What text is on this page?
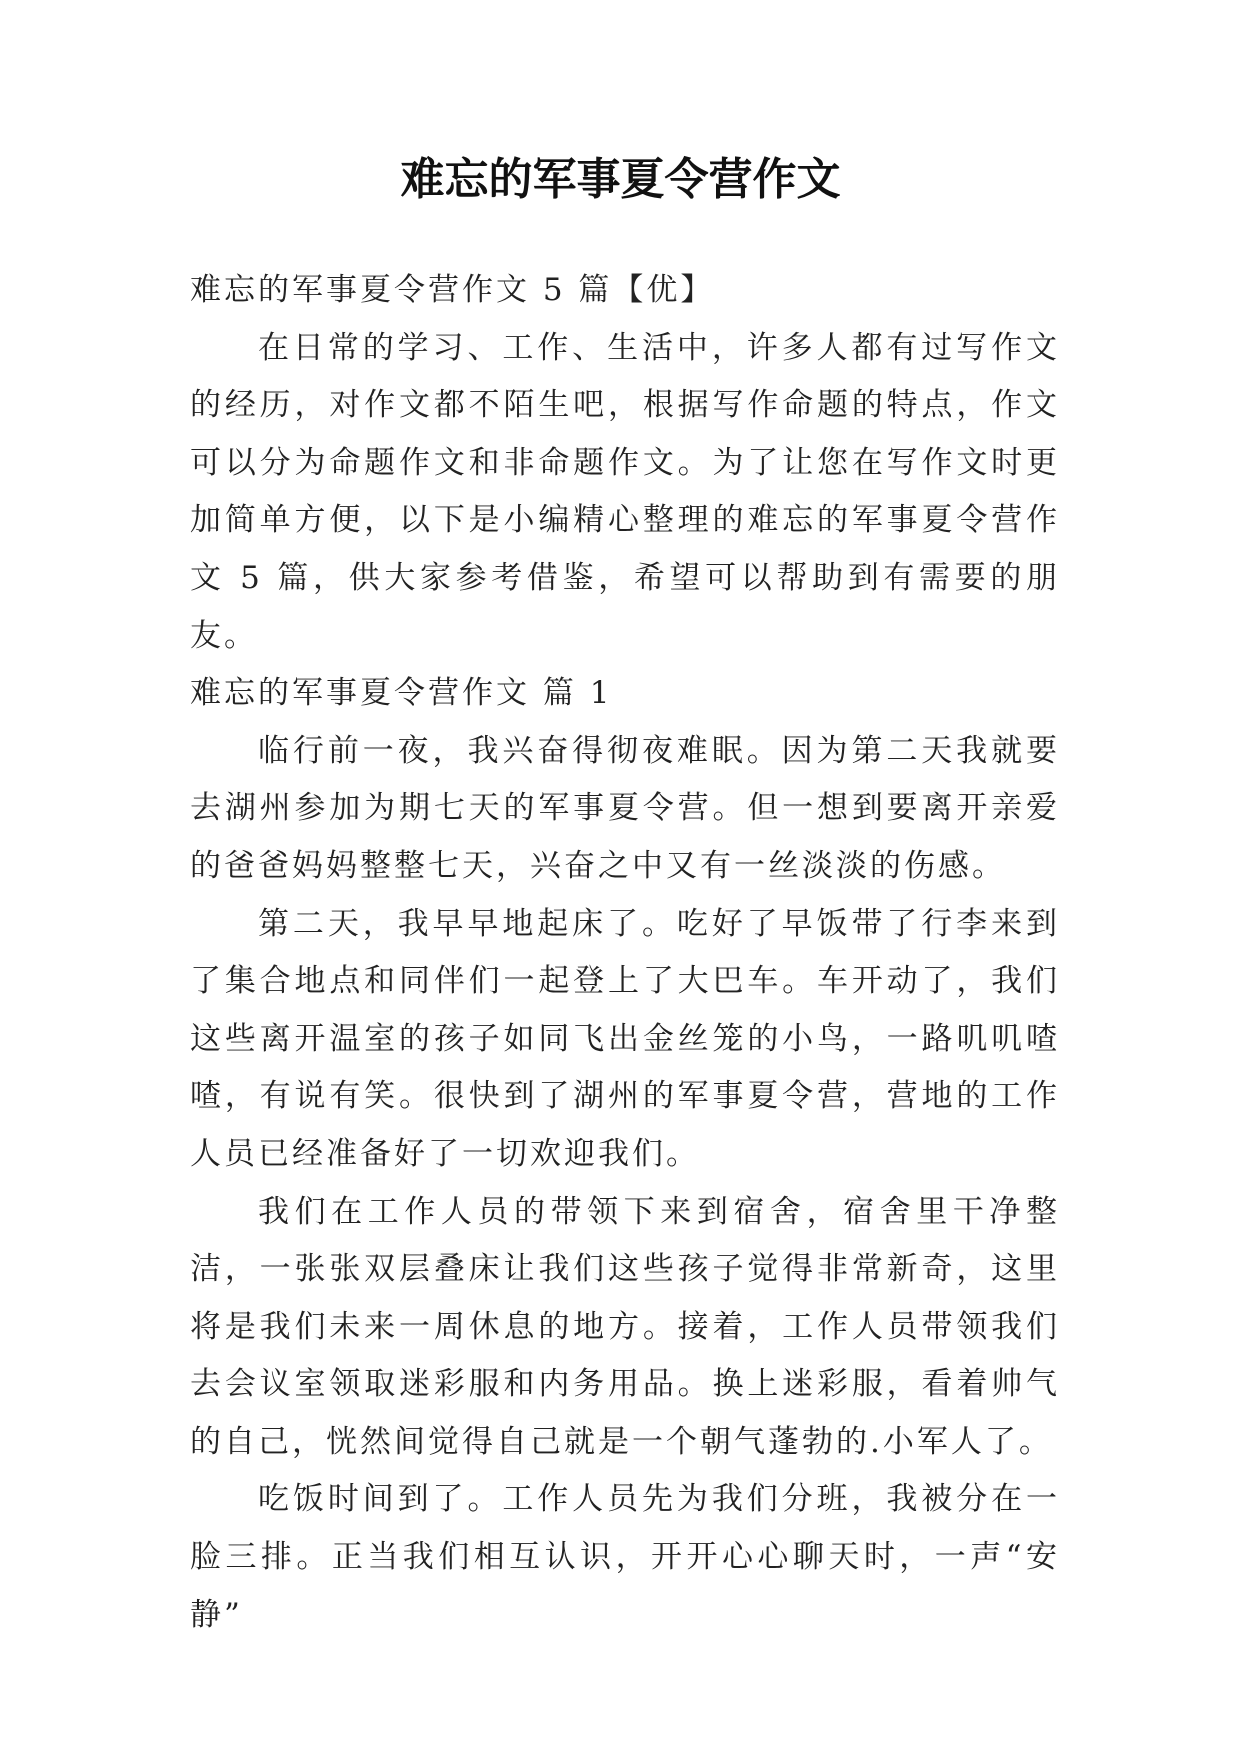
难忘的军事夏令营作文

难忘的军事夏令营作文 5 篇【优】

在日常的学习、工作、生活中，许多人都有过写作文的经历，对作文都不陌生吧，根据写作命题的特点，作文可以分为命题作文和非命题作文。为了让您在写作文时更加简单方便，以下是小编精心整理的难忘的军事夏令营作文 5 篇，供大家参考借鉴，希望可以帮助到有需要的朋友。

难忘的军事夏令营作文 篇 1

临行前一夜，我兴奋得彻夜难眠。因为第二天我就要去湖州参加为期七天的军事夏令营。但一想到要离开亲爱的爸爸妈妈整整七天，兴奋之中又有一丝淡淡的伤感。

第二天，我早早地起床了。吃好了早饭带了行李来到了集合地点和同伴们一起登上了大巴车。车开动了，我们这些离开温室的孩子如同飞出金丝笼的小鸟，一路叽叽喳喳，有说有笑。很快到了湖州的军事夏令营，营地的工作人员已经准备好了一切欢迎我们。

我们在工作人员的带领下来到宿舍，宿舍里干净整洁，一张张双层叠床让我们这些孩子觉得非常新奇，这里将是我们未来一周休息的地方。接着，工作人员带领我们去会议室领取迷彩服和内务用品。换上迷彩服，看着帅气的自己，恍然间觉得自己就是一个朝气蓬勃的.小军人了。

吃饭时间到了。工作人员先为我们分班，我被分在一脸三排。正当我们相互认识，开开心心聊天时，一声“安静”
